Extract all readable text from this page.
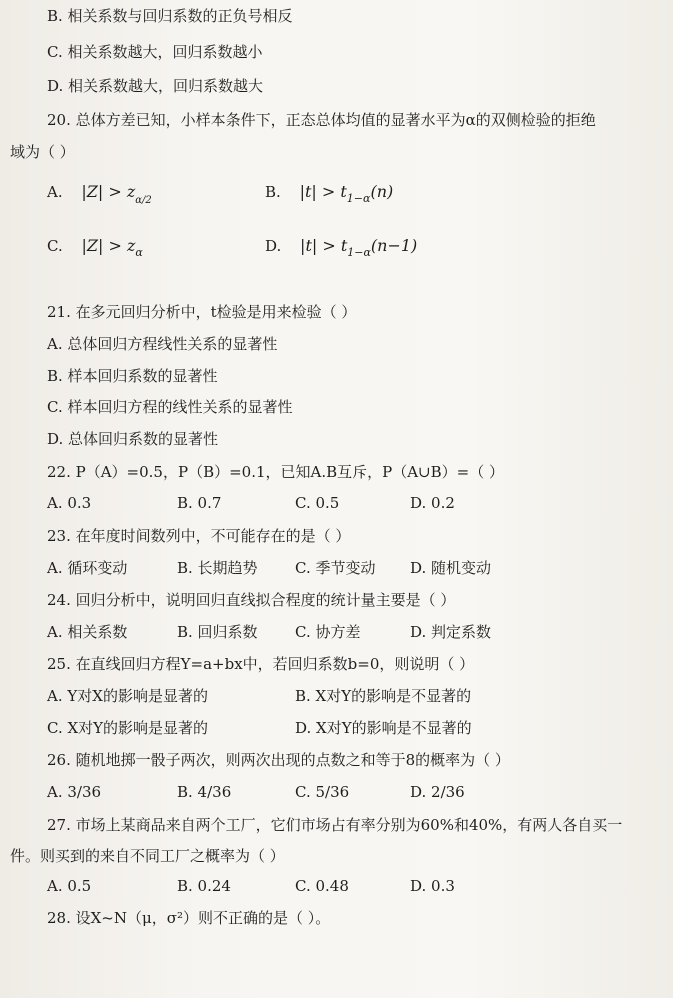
B. 相关系数与回归系数的正负号相反
C. 相关系数越大，回归系数越小
D. 相关系数越大，回归系数越大
20. 总体方差已知，小样本条件下，正态总体均值的显著水平为α的双侧检验的拒绝
域为（ ）
A. $|Z| > z_{\alpha/2}$	B. $|t| > t_{1-\alpha}(n)$
C. $|Z| > z_\alpha$	D. $|t| > t_{1-\alpha}(n-1)$
21. 在多元回归分析中，t检验是用来检验（ ）
A. 总体回归方程线性关系的显著性
B. 样本回归系数的显著性
C. 样本回归方程的线性关系的显著性
D. 总体回归系数的显著性
22. P（A）=0.5，P（B）=0.1，已知A.B互斥，P（A∪B）=（ ）
A. 0.3	B. 0.7	C. 0.5	D. 0.2
23. 在年度时间数列中，不可能存在的是（ ）
A. 循环变动	B. 长期趋势 C. 季节变动 D. 随机变动
24. 回归分析中，说明回归直线拟合程度的统计量主要是（ ）
A. 相关系数	B. 回归系数 C. 协方差	D. 判定系数
25. 在直线回归方程Y=a+bx中，若回归系数b=0，则说明（ ）
A. Y对X的影响是显著的	B. X对Y的影响是不显著的
C. X对Y的影响是显著的	D. X对Y的影响是不显著的
26. 随机地掷一骰子两次，则两次出现的点数之和等于8的概率为（ ）
A. 3/36	B. 4/36	C. 5/36	D. 2/36
27. 市场上某商品来自两个工厂，它们市场占有率分别为60%和40%，有两人各自买一
件。则买到的来自不同工厂之概率为（ ）
A. 0.5	B. 0.24	C. 0.48	D. 0.3
28. 设X~N（μ，σ²）则不正确的是（ ）。
